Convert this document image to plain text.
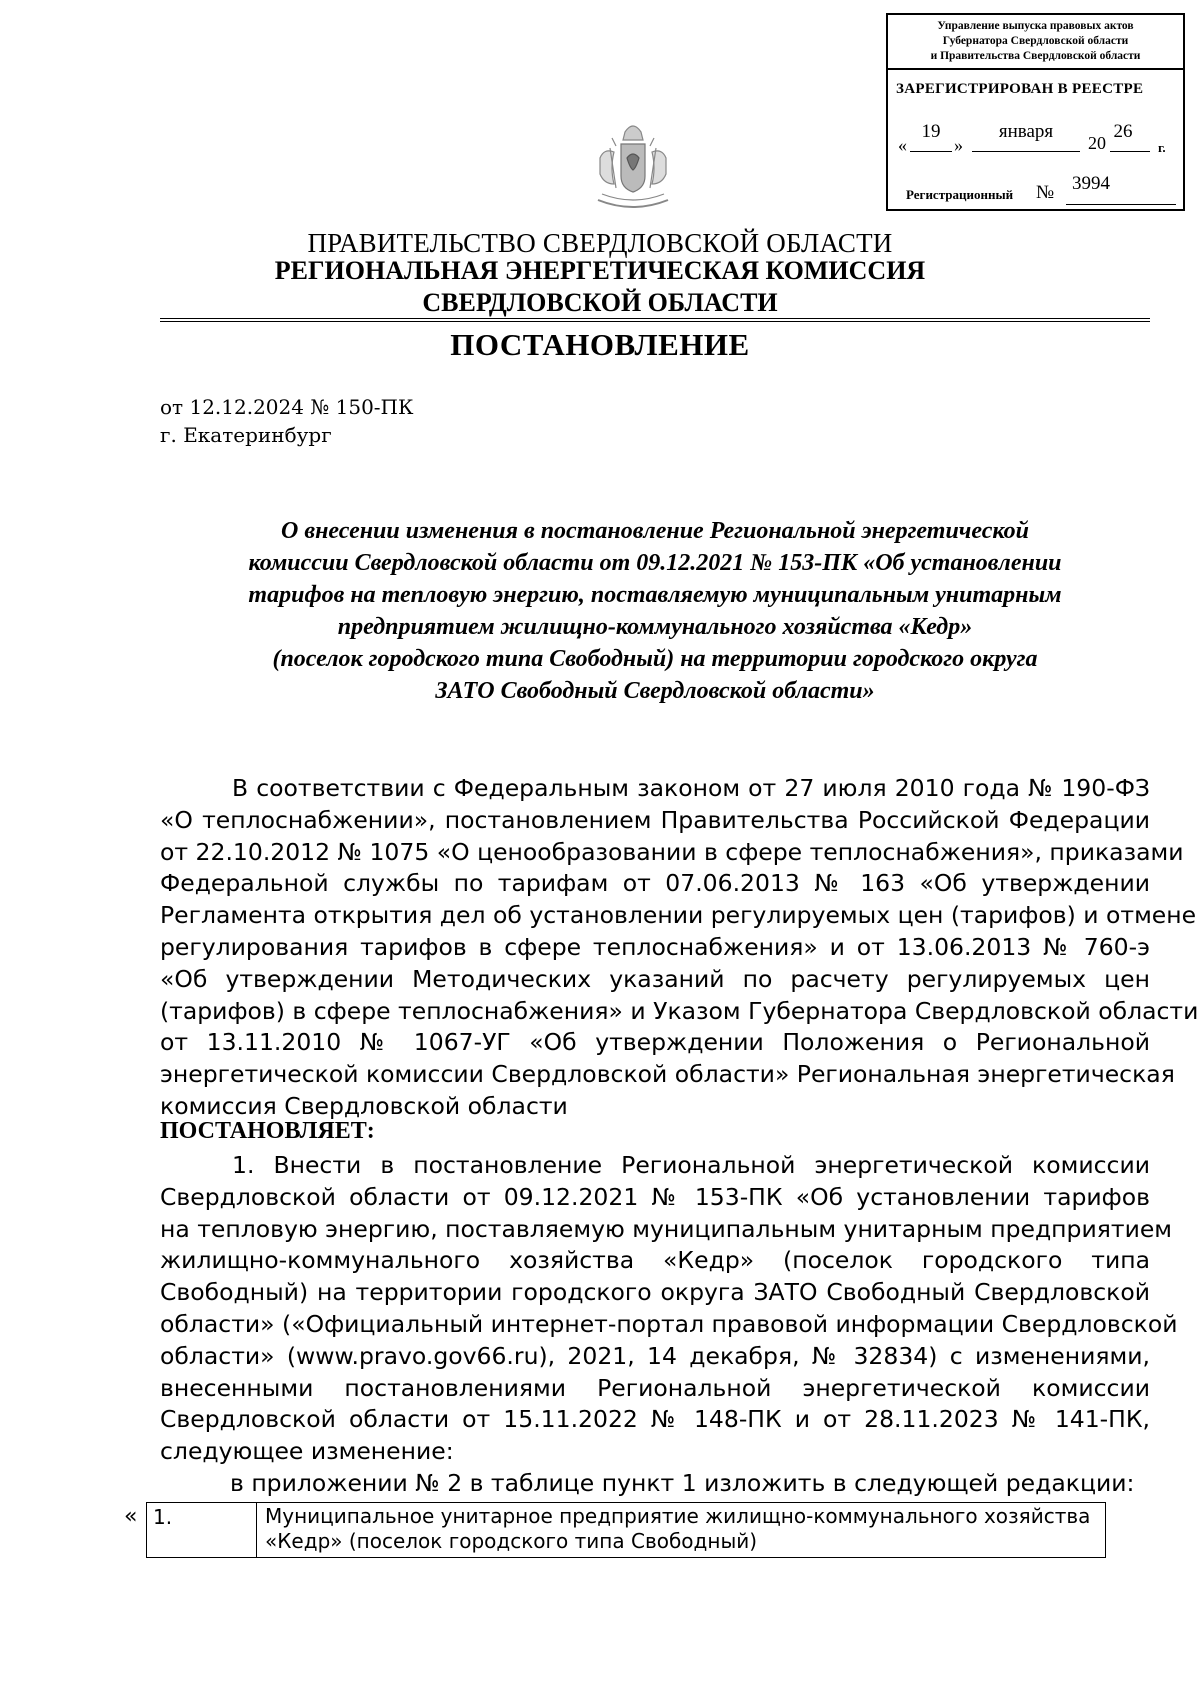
Управление выпуска правовых актов
Губернатора Свердловской области
и Правительства Свердловской области
ЗАРЕГИСТРИРОВАН В РЕЕСТРЕ
«
19
»
января
20
26
г.
Регистрационный № 3994
ПРАВИТЕЛЬСТВО СВЕРДЛОВСКОЙ ОБЛАСТИ
РЕГИОНАЛЬНАЯ ЭНЕРГЕТИЧЕСКАЯ КОМИССИЯ
СВЕРДЛОВСКОЙ ОБЛАСТИ
ПОСТАНОВЛЕНИЕ
от 12.12.2024 № 150-ПК
г. Екатеринбург
О внесении изменения в постановление Региональной энергетической
комиссии Свердловской области от 09.12.2021 № 153-ПК «Об установлении
тарифов на тепловую энергию, поставляемую муниципальным унитарным
предприятием жилищно-коммунального хозяйства «Кедр»
(поселок городского типа Свободный) на территории городского округа
ЗАТО Свободный Свердловской области»
В соответствии с Федеральным законом от 27 июля 2010 года № 190-ФЗ
«О теплоснабжении», постановлением Правительства Российской Федерации
от 22.10.2012 № 1075 «О ценообразовании в сфере теплоснабжения», приказами
Федеральной службы по тарифам от 07.06.2013 № 163 «Об утверждении
Регламента открытия дел об установлении регулируемых цен (тарифов) и отмене
регулирования тарифов в сфере теплоснабжения» и от 13.06.2013 № 760-э
«Об утверждении Методических указаний по расчету регулируемых цен
(тарифов) в сфере теплоснабжения» и Указом Губернатора Свердловской области
от 13.11.2010 № 1067-УГ «Об утверждении Положения о Региональной
энергетической комиссии Свердловской области» Региональная энергетическая
комиссия Свердловской области
ПОСТАНОВЛЯЕТ:
1. Внести в постановление Региональной энергетической комиссии
Свердловской области от 09.12.2021 № 153-ПК «Об установлении тарифов
на тепловую энергию, поставляемую муниципальным унитарным предприятием
жилищно-коммунального хозяйства «Кедр» (поселок городского типа
Свободный) на территории городского округа ЗАТО Свободный Свердловской
области» («Официальный интернет-портал правовой информации Свердловской
области» (www.pravo.gov66.ru), 2021, 14 декабря, № 32834) с изменениями,
внесенными постановлениями Региональной энергетической комиссии
Свердловской области от 15.11.2022 № 148-ПК и от 28.11.2023 № 141-ПК,
следующее изменение:
в приложении № 2 в таблице пункт 1 изложить в следующей редакции:
« 1.	Муниципальное унитарное предприятие жилищно-коммунального хозяйства
«Кедр» (поселок городского типа Свободный)
